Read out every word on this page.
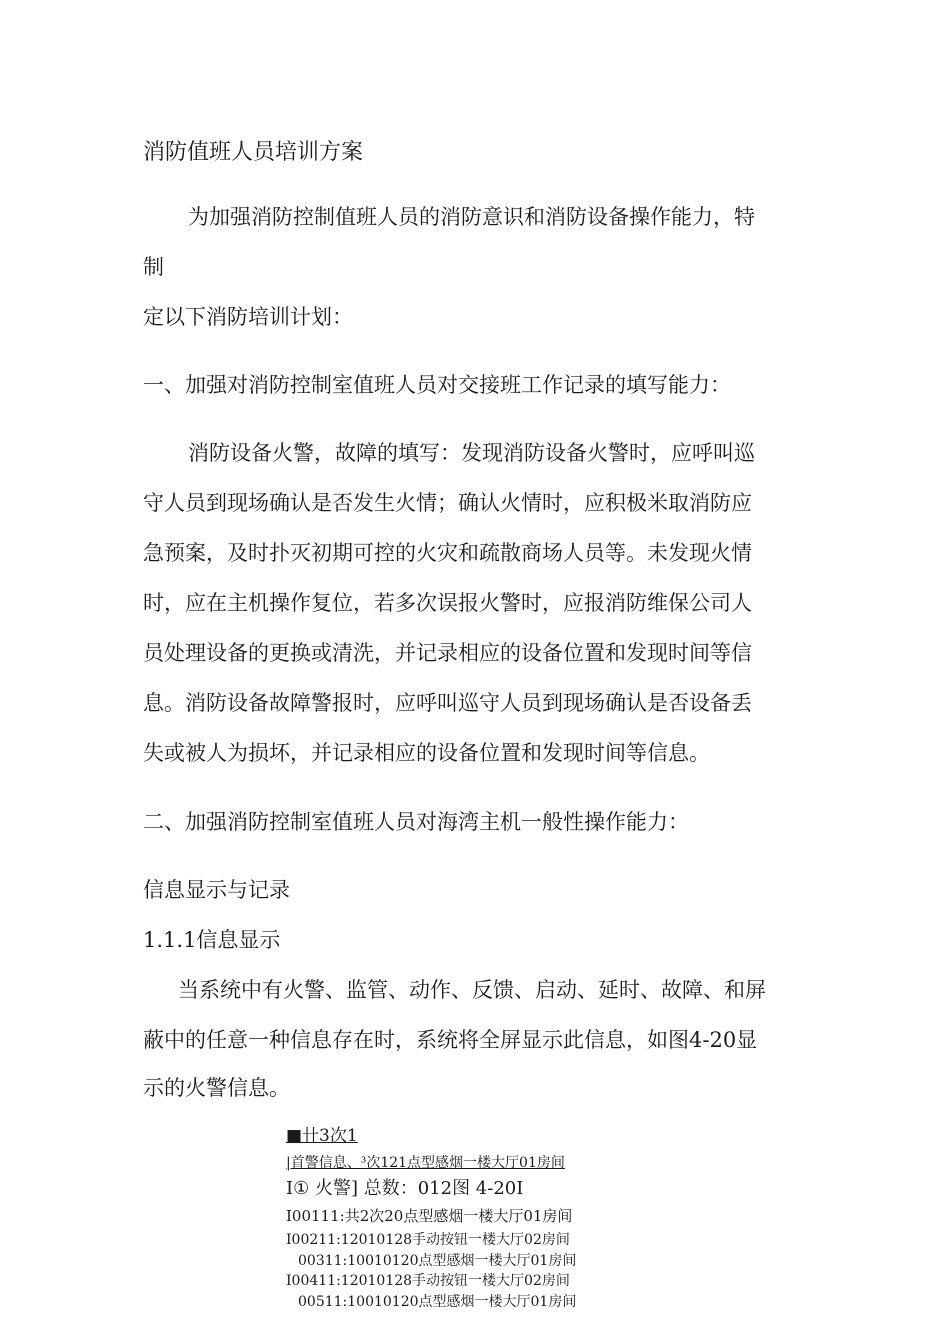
消防值班人员培训方案
为加强消防控制值班人员的消防意识和消防设备操作能力，特
制
定以下消防培训计划：
一、加强对消防控制室值班人员对交接班工作记录的填写能力：
消防设备火警，故障的填写：发现消防设备火警时，应呼叫巡
守人员到现场确认是否发生火情；确认火情时，应积极米取消防应
急预案，及时扑灭初期可控的火灾和疏散商场人员等。未发现火情
时，应在主机操作复位，若多次误报火警时，应报消防维保公司人
员处理设备的更换或清洗，并记录相应的设备位置和发现时间等信
息。消防设备故障警报时，应呼叫巡守人员到现场确认是否设备丢
失或被人为损坏，并记录相应的设备位置和发现时间等信息。
二、加强消防控制室值班人员对海湾主机一般性操作能力：
信息显示与记录
1.1.1信息显示
当系统中有火警、监管、动作、反馈、启动、延时、故障、和屏
蔽中的任意一种信息存在时，系统将全屏显示此信息，如图4-20显
示的火警信息。
■卄3次1
|首警信息、³次121点型感烟一楼大厅01房间
I① 火警] 总数：012图 4-20I
I00111:共2次20点型感烟一楼大厅01房间
I00211:12010128手动按钮一楼大厅02房间
00311:10010120点型感烟一楼大厅01房间
I00411:12010128手动按钮一楼大厅02房间
00511:10010120点型感烟一楼大厅01房间
